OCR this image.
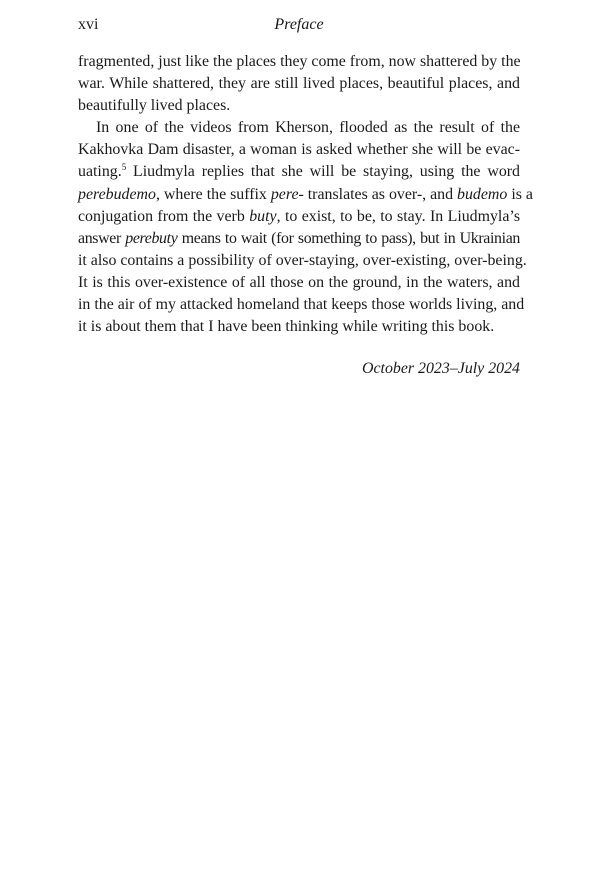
xvi	Preface

fragmented, just like the places they come from, now shattered by the
war. While shattered, they are still lived places, beautiful places, and
beautifully lived places.

In one of the videos from Kherson, flooded as the result of the
Kakhovka Dam disaster, a woman is asked whether she will be evac-
uating.$^5$ Liudmyla replies that she will be staying, using the word
perebudemo, where the suffix pere- translates as over-, and budemo is a
conjugation from the verb buty, to exist, to be, to stay. In Liudmyla’s
answer perebuty means to wait (for something to pass), but in Ukrainian
it also contains a possibility of over-staying, over-existing, over-being.
It is this over-existence of all those on the ground, in the waters, and
in the air of my attacked homeland that keeps those worlds living, and
it is about them that I have been thinking while writing this book.

October 2023–July 2024
